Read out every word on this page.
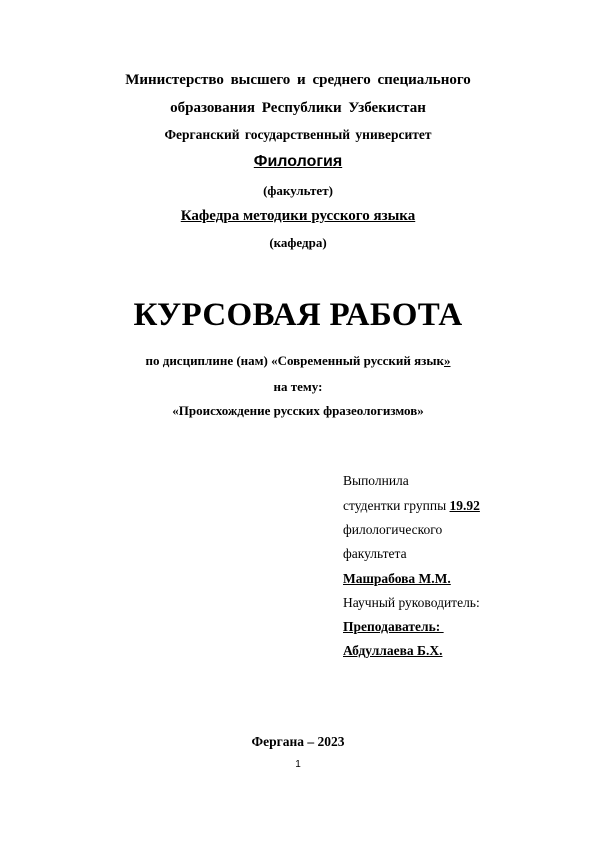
Министерство высшего и среднего специального
образования Республики Узбекистан
Ферганский государственный университет
Филология
(факультет)
Кафедра методики русского языка
(кафедра)
КУРСОВАЯ РАБОТА
по дисциплине (нам) «Современный русский язык»
на тему:
«Происхождение русских фразеологизмов»
Выполнила
студентки группы 19.92
филологического
факультета
Машрабова М.М.
Научный руководитель:
Преподаватель:
Абдуллаева Б.Х.
Фергана – 2023
1
